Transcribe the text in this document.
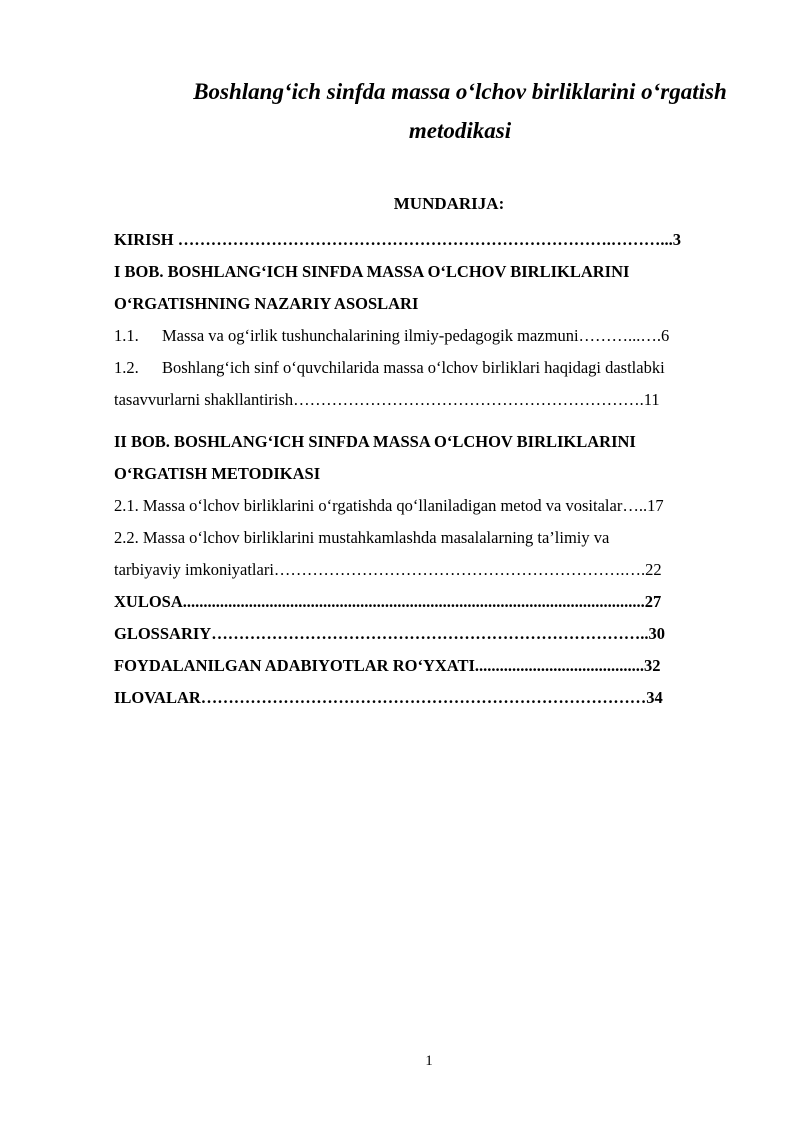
Boshlang‘ich sinfda massa o‘lchov birliklarini o‘rgatish
metodikasi
MUNDARIJA:
KIRISH …………………………………………………………………….………...3
I BOB. BOSHLANG‘ICH SINFDA MASSA O‘LCHOV BIRLIKLARINI
O‘RGATISHNING NAZARIY ASOSLARI
1.1. Massa va og‘irlik tushunchalarining ilmiy-pedagogik mazmuni………...….6
1.2. Boshlang‘ich sinf o‘quvchilarida massa o‘lchov birliklari haqidagi dastlabki
tasavvurlarni shakllantirish……………………………………………………….11
II BOB. BOSHLANG‘ICH SINFDA MASSA O‘LCHOV BIRLIKLARINI
O‘RGATISH METODIKASI
2.1. Massa o‘lchov birliklarini o‘rgatishda qo‘llaniladigan metod va vositalar…..17
2.2. Massa o‘lchov birliklarini mustahkamlashda masalalarning ta’limiy va
tarbiyaviy imkoniyatlari……………………………………………………….….22
XULOSA................................................................................................................27
GLOSSARIY……………………………………………………………………..30
FOYDALANILGAN ADABIYOTLAR RO‘YXATI.........................................32
ILOVALAR………………………………………………………………………34
1
